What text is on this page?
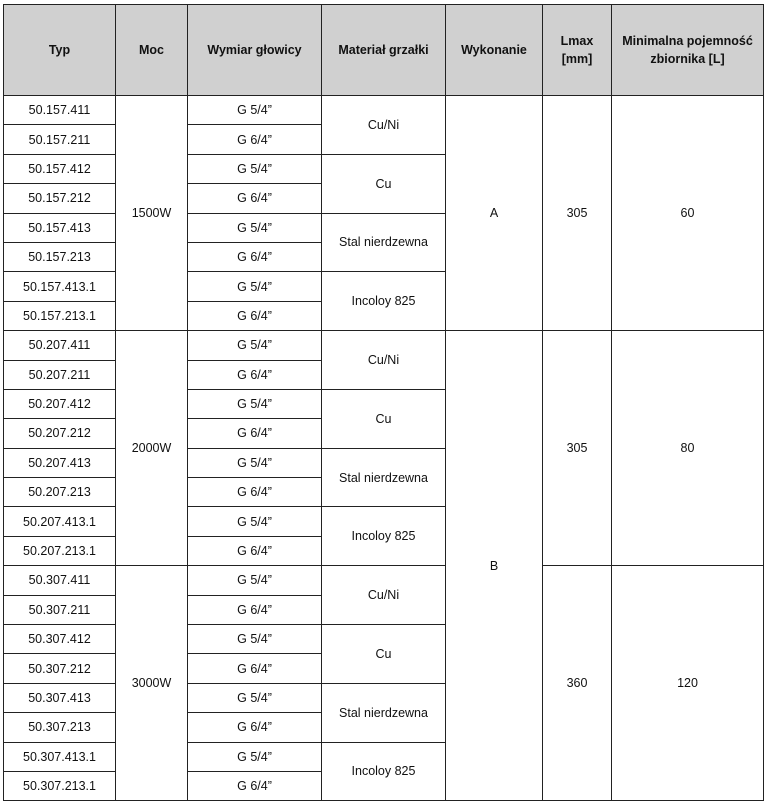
Typ	Moc	Wymiar głowicy	Materiał grzałki	Wykonanie	Lmax [mm]	Minimalna pojemność zbiornika [L]
50.157.411	1500W	G 5/4”	Cu/Ni	A	305	60
50.157.211		G 6/4”				
50.157.412		G 5/4”	Cu			
50.157.212		G 6/4”				
50.157.413		G 5/4”	Stal nierdzewna			
50.157.213		G 6/4”				
50.157.413.1		G 5/4”	Incoloy 825			
50.157.213.1		G 6/4”				
50.207.411	2000W	G 5/4”	Cu/Ni	B	305	80
50.207.211		G 6/4”				
50.207.412		G 5/4”	Cu			
50.207.212		G 6/4”				
50.207.413		G 5/4”	Stal nierdzewna			
50.207.213		G 6/4”				
50.207.413.1		G 5/4”	Incoloy 825			
50.207.213.1		G 6/4”				
50.307.411	3000W	G 5/4”	Cu/Ni		360	120
50.307.211		G 6/4”				
50.307.412		G 5/4”	Cu			
50.307.212		G 6/4”				
50.307.413		G 5/4”	Stal nierdzewna			
50.307.213		G 6/4”				
50.307.413.1		G 5/4”	Incoloy 825			
50.307.213.1		G 6/4”				
